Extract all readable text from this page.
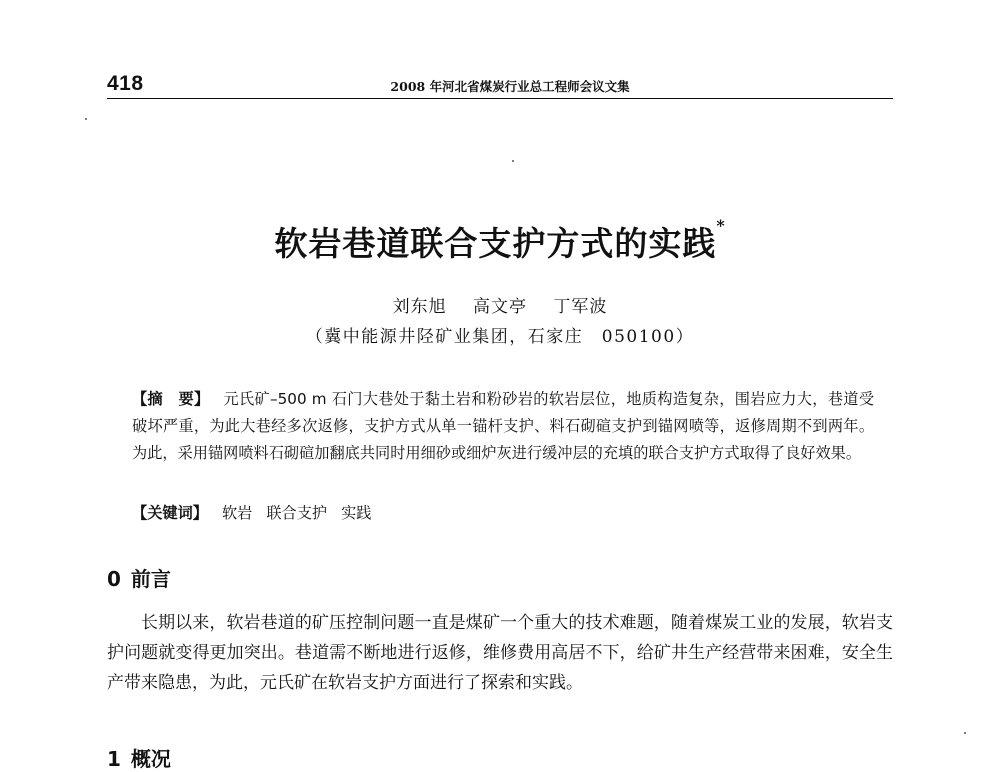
418	2008 年河北省煤炭行业总工程师会议文集
软岩巷道联合支护方式的实践*
刘东旭 高文亭 丁军波
（冀中能源井陉矿业集团，石家庄　050100）
【摘　要】 元氏矿–500 m 石门大巷处于黏土岩和粉砂岩的软岩层位，地质构造复杂，围岩应力大，巷道受破坏严重，为此大巷经多次返修，支护方式从单一锚杆支护、料石砌碹支护到锚网喷等，返修周期不到两年。为此，采用锚网喷料石砌碹加翻底共同时用细砂或细炉灰进行缓冲层的充填的联合支护方式取得了良好效果。
【关键词】 软岩 联合支护 实践
0 前言
长期以来，软岩巷道的矿压控制问题一直是煤矿一个重大的技术难题，随着煤炭工业的发展，软岩支护问题就变得更加突出。巷道需不断地进行返修，维修费用高居不下，给矿井生产经营带来困难，安全生产带来隐患，为此，元氏矿在软岩支护方面进行了探索和实践。
1 概况
